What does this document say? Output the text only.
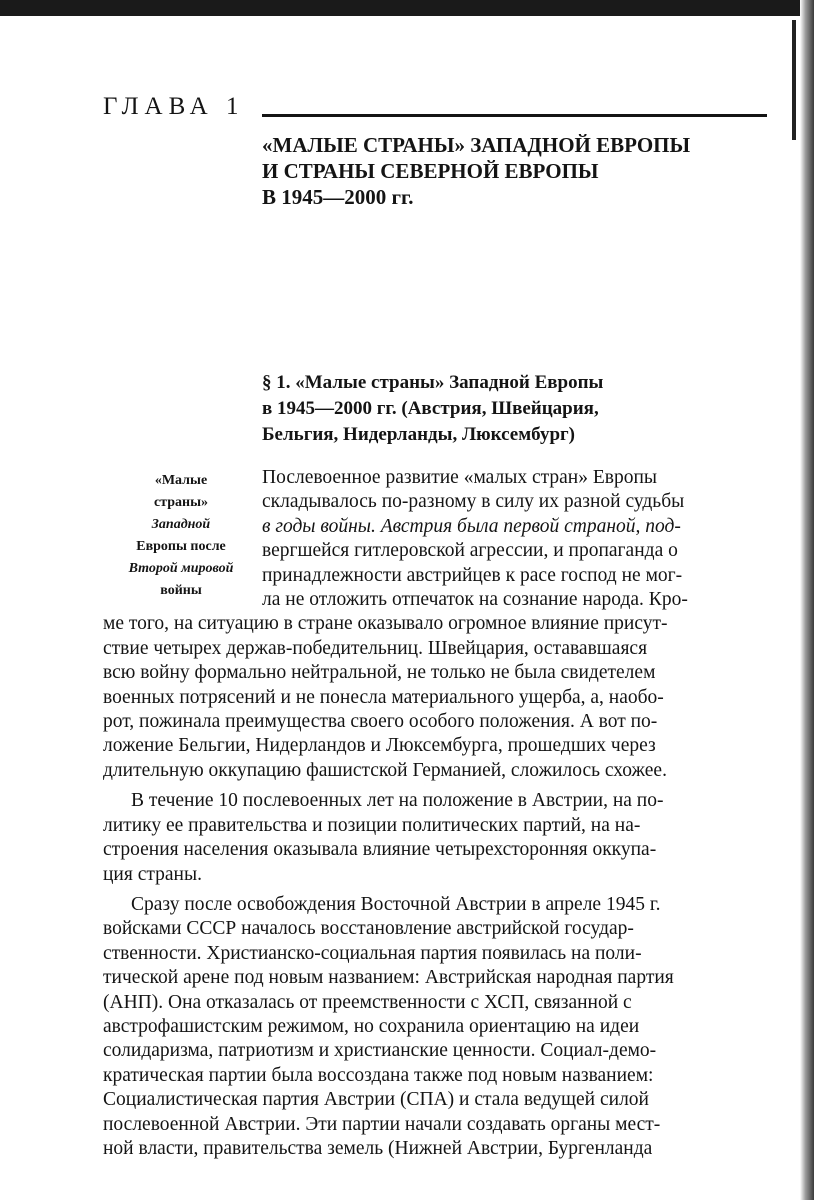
ГЛАВА 1
«МАЛЫЕ СТРАНЫ» ЗАПАДНОЙ ЕВРОПЫ
И СТРАНЫ СЕВЕРНОЙ ЕВРОПЫ
В 1945—2000 гг.
§ 1. «Малые страны» Западной Европы
в 1945—2000 гг. (Австрия, Швейцария,
Бельгия, Нидерланды, Люксембург)
«Малые
страны»
Западной
Европы после
Второй мировой
войны
Послевоенное развитие «малых стран» Европы
складывалось по-разному в силу их разной судьбы
в годы войны. Австрия была первой страной, под-
вергшейся гитлеровской агрессии, и пропаганда о
принадлежности австрийцев к расе господ не мог-
ла не отложить отпечаток на сознание народа. Кро-
ме того, на ситуацию в стране оказывало огромное влияние присут-
ствие четырех держав-победительниц. Швейцария, остававшаяся
всю войну формально нейтральной, не только не была свидетелем
военных потрясений и не понесла материального ущерба, а, наобо-
рот, пожинала преимущества своего особого положения. А вот по-
ложение Бельгии, Нидерландов и Люксембурга, прошедших через
длительную оккупацию фашистской Германией, сложилось схожее.
В течение 10 послевоенных лет на положение в Австрии, на по-
литику ее правительства и позиции политических партий, на на-
строения населения оказывала влияние четырехсторонняя оккупа-
ция страны.
Сразу после освобождения Восточной Австрии в апреле 1945 г.
войсками СССР началось восстановление австрийской государ-
ственности. Христианско-социальная партия появилась на поли-
тической арене под новым названием: Австрийская народная партия
(АНП). Она отказалась от преемственности с ХСП, связанной с
австрофашистским режимом, но сохранила ориентацию на идеи
солидаризма, патриотизм и христианские ценности. Социал-демо-
кратическая партии была воссоздана также под новым названием:
Социалистическая партия Австрии (СПА) и стала ведущей силой
послевоенной Австрии. Эти партии начали создавать органы мест-
ной власти, правительства земель (Нижней Австрии, Бургенланда
